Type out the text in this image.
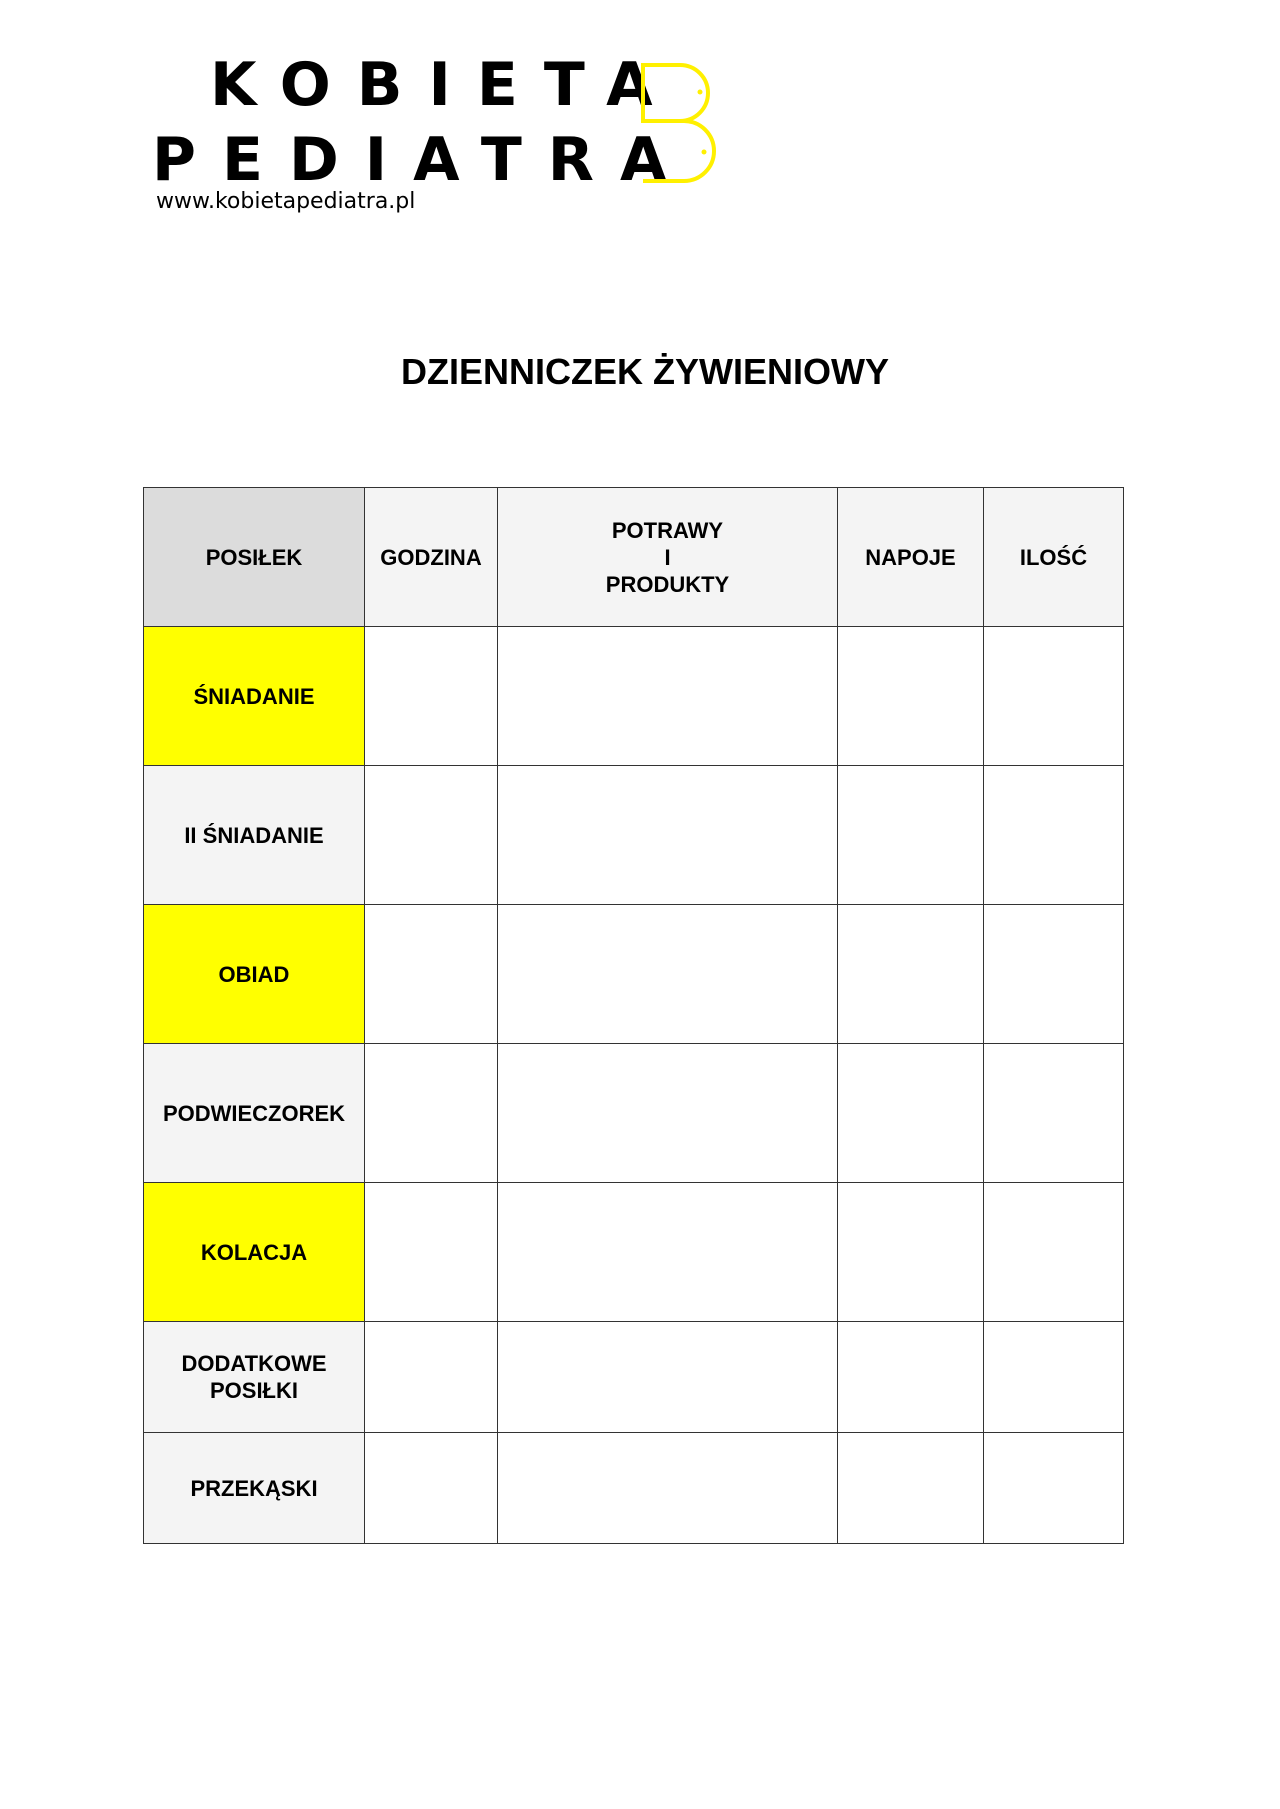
KOBIETA
PEDIATRA
www.kobietapediatra.pl
DZIENNICZEK ŻYWIENIOWY
POSIŁEK	GODZINA	POTRAWY
I
PRODUKTY	NAPOJE	ILOŚĆ
ŚNIADANIE				
II ŚNIADANIE				
OBIAD				
PODWIECZOREK				
KOLACJA				

DODATKOWE
POSIŁKI				

PRZEKĄSKI				
